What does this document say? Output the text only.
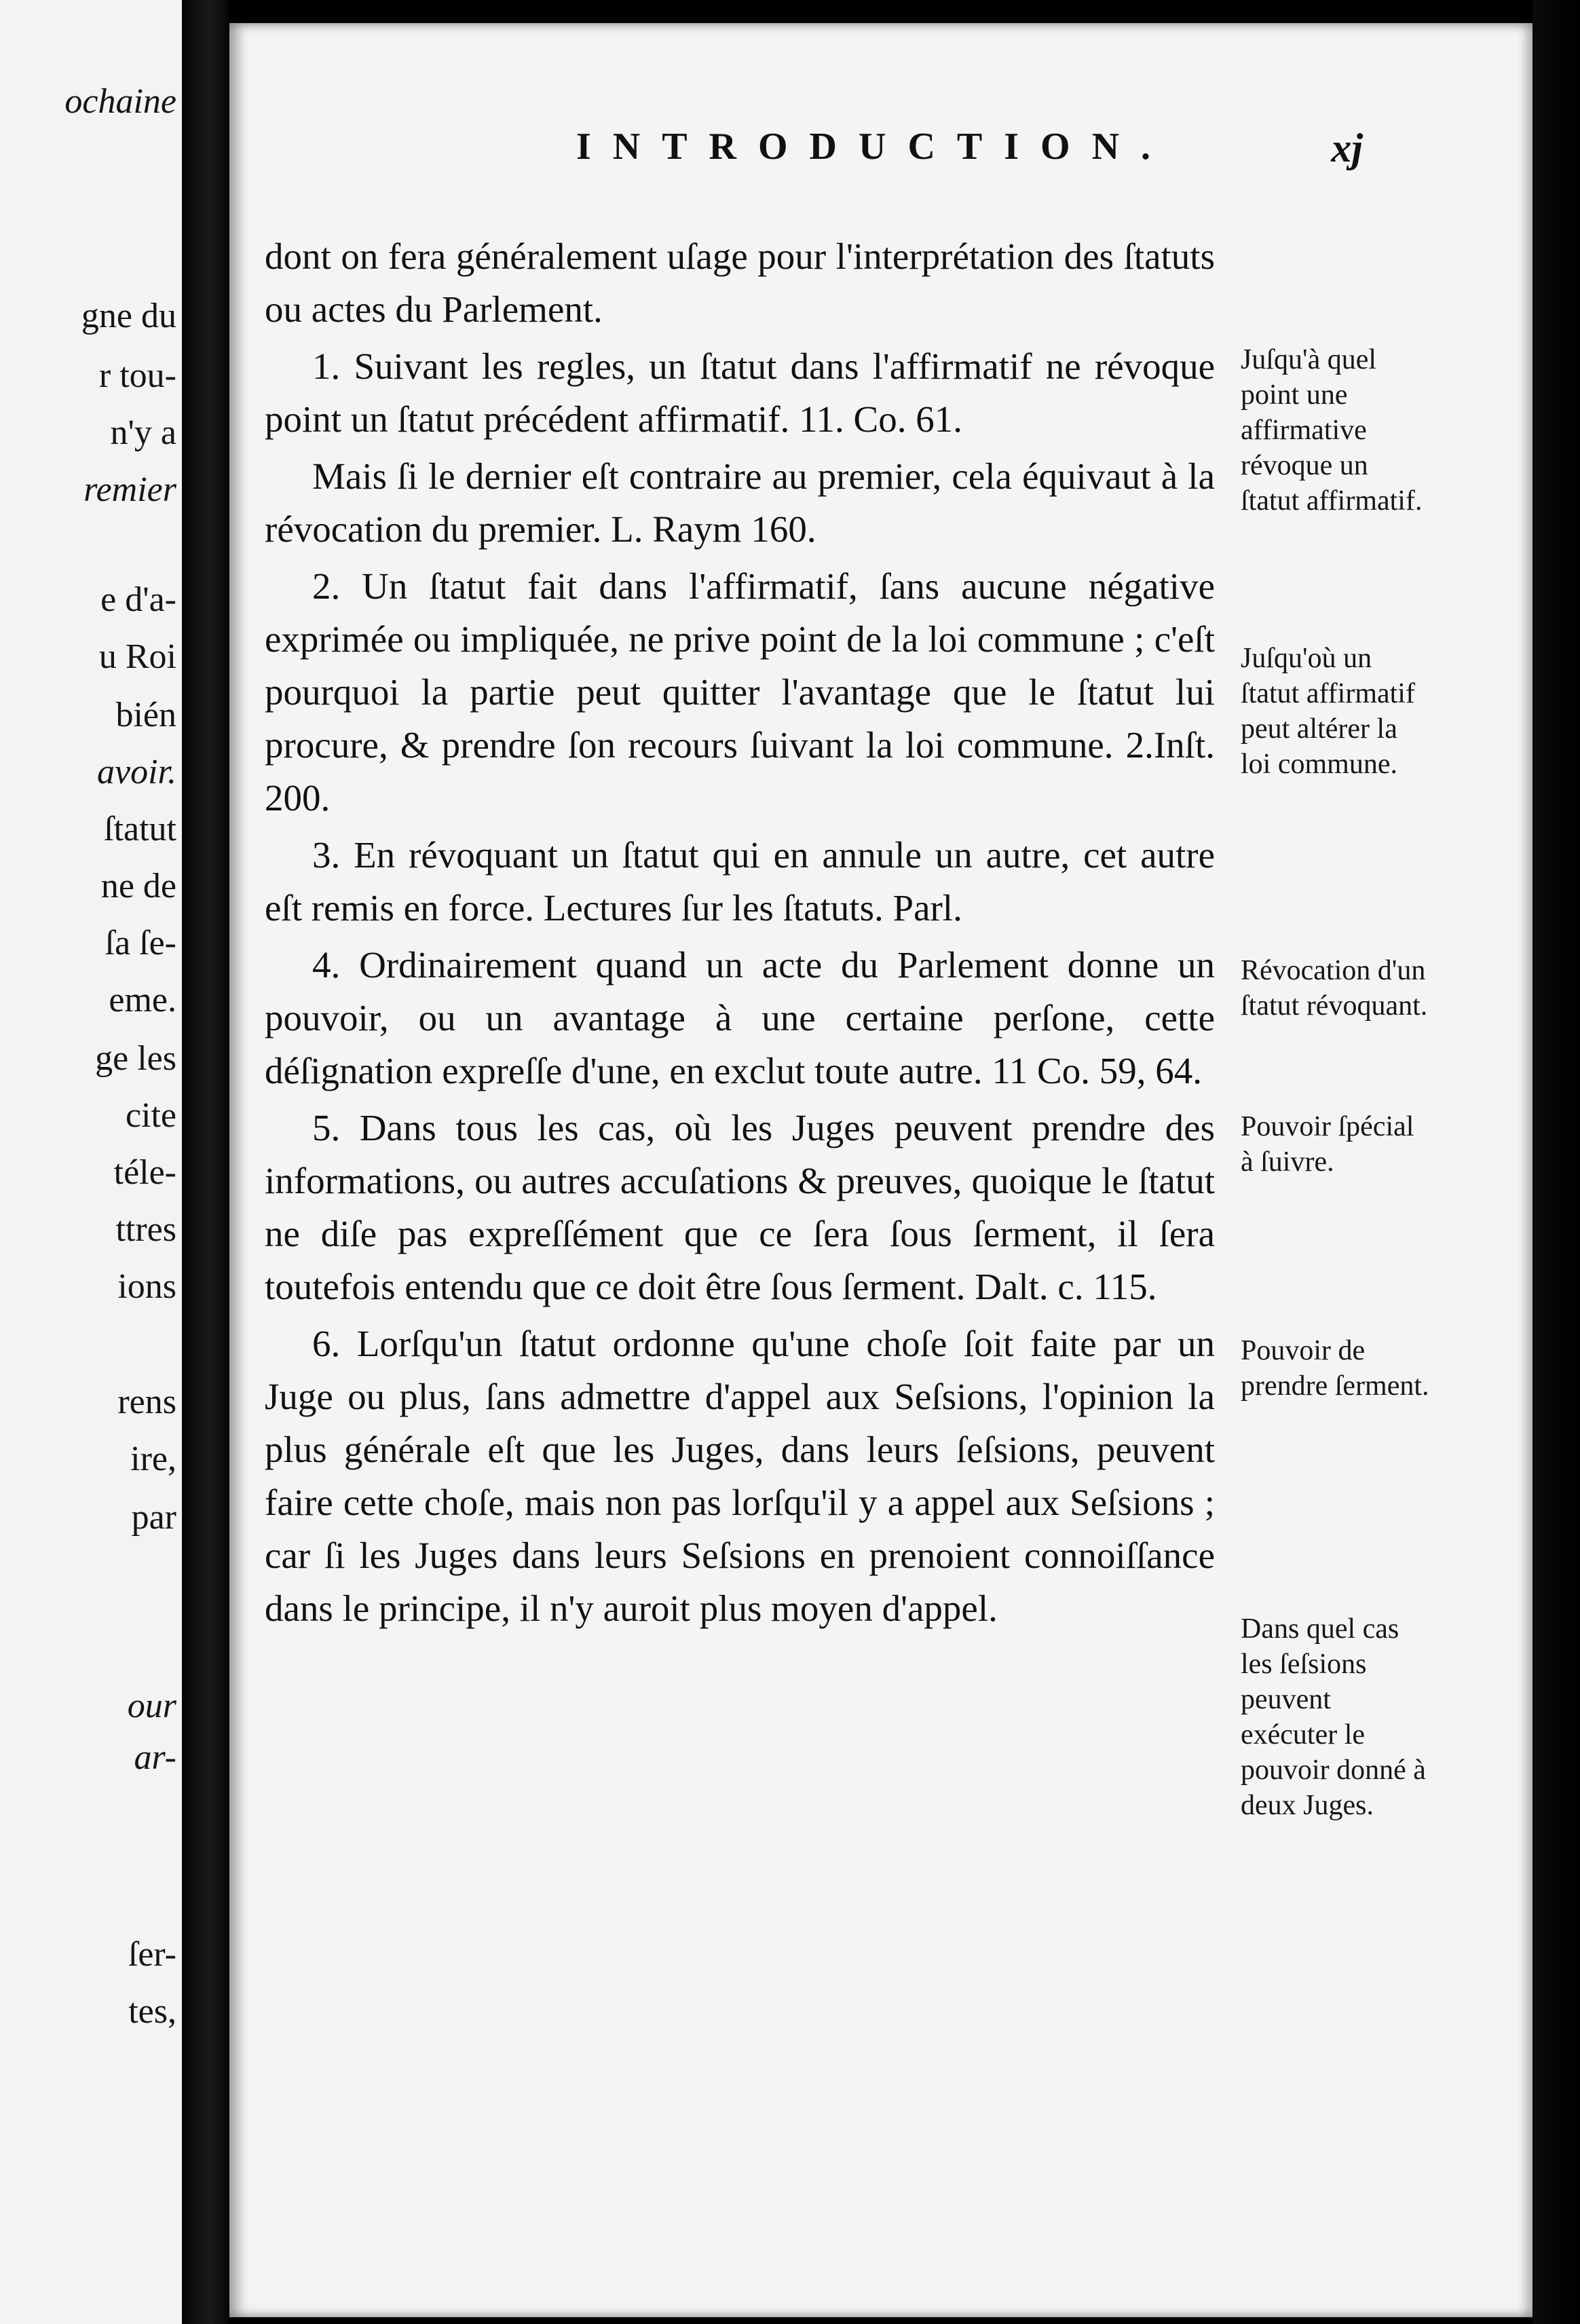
ochaine
gne du
r tou-
n'y a
remier
e d'a-
u Roi
bién
avoir.
ſtatut
ne de
ſa ſe-
eme.
ge les
cite
téle-
ttres
ions
rens
ire,
par
our
ar-
ſer-
tes,
INTRODUCTION.	xj

dont on fera généralement uſage pour l'interprétation des ſtatuts ou actes du Parlement.

1. Suivant les regles, un ſtatut dans l'affirmatif ne révoque point un ſtatut précédent affirmatif. 11. Co. 61.

Mais ſi le dernier eſt contraire au premier, cela équivaut à la révocation du premier. L. Raym 160.

2. Un ſtatut fait dans l'affirmatif, ſans aucune négative exprimée ou impliquée, ne prive point de la loi commune ; c'eſt pourquoi la partie peut quitter l'avantage que le ſtatut lui procure, & prendre ſon recours ſuivant la loi commune. 2.Inſt. 200.

3. En révoquant un ſtatut qui en annule un autre, cet autre eſt remis en force. Lectures ſur les ſtatuts. Parl.

4. Ordinairement quand un acte du Parlement donne un pouvoir, ou un avantage à une certaine perſone, cette déſignation expreſſe d'une, en exclut toute autre. 11 Co. 59, 64.

5. Dans tous les cas, où les Juges peuvent prendre des informations, ou autres accuſations & preuves, quoique le ſtatut ne diſe pas expreſſément que ce ſera ſous ſerment, il ſera toutefois entendu que ce doit être ſous ſerment. Dalt. c. 115.

6. Lorſqu'un ſtatut ordonne qu'une choſe ſoit faite par un Juge ou plus, ſans admettre d'appel aux Seſsions, l'opinion la plus générale eſt que les Juges, dans leurs ſeſsions, peuvent faire cette choſe, mais non pas lorſqu'il y a appel aux Seſsions ; car ſi les Juges dans leurs Seſsions en prenoient connoiſſance dans le principe, il n'y auroit plus moyen d'appel.

Juſqu'à quel point une affirmative révoque un ſtatut affirmatif.
Juſqu'où un ſtatut affirmatif peut altérer la loi commune.
Révocation d'un ſtatut révoquant.
Pouvoir ſpécial à ſuivre.
Pouvoir de prendre ſerment.
Dans quel cas les ſeſsions peuvent exécuter le pouvoir donné à deux Juges.
